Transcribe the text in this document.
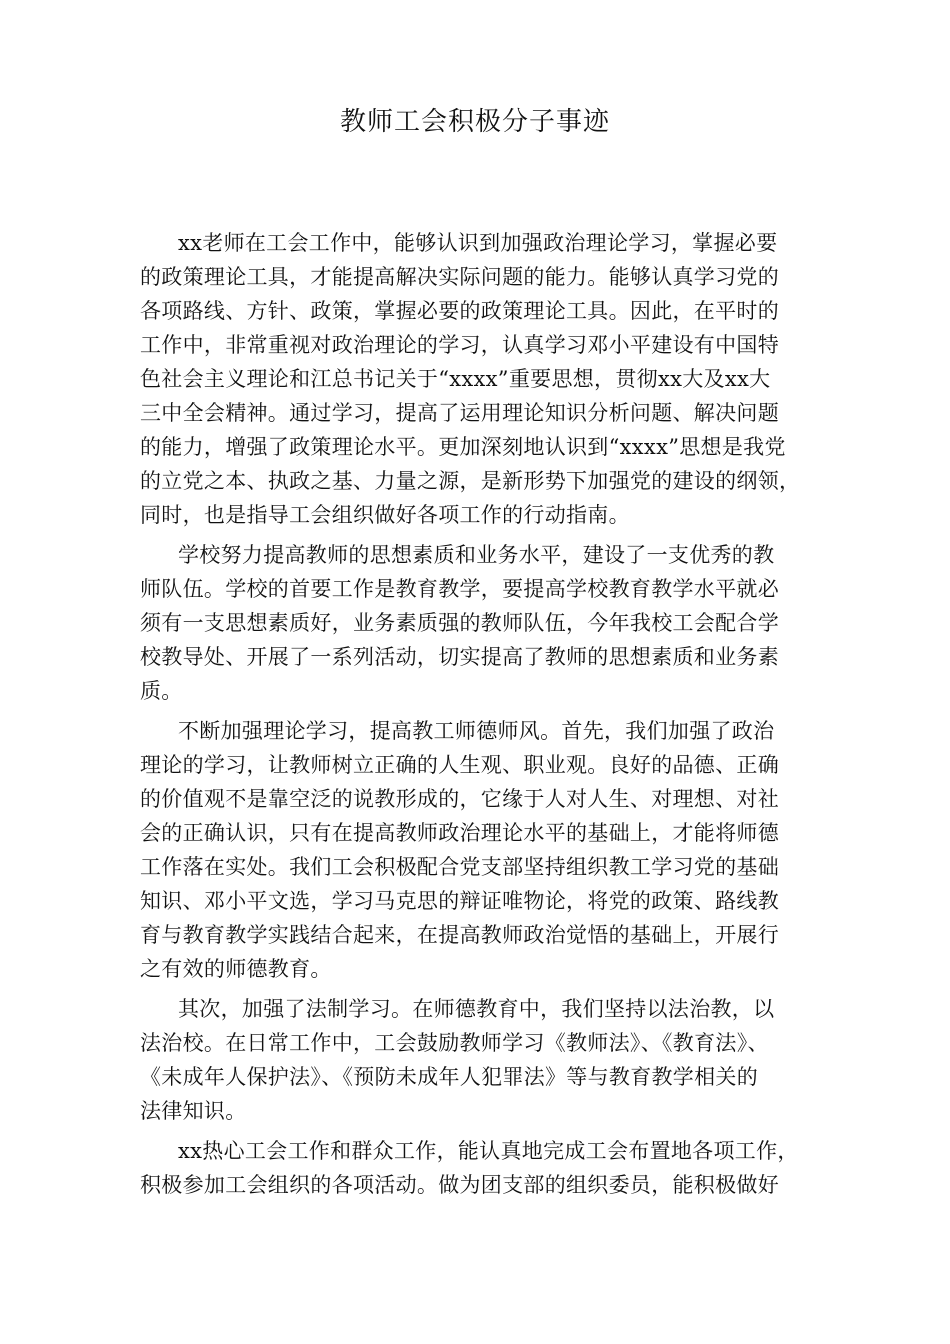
教师工会积极分子事迹
xx老师在工会工作中，能够认识到加强政治理论学习，掌握必要
的政策理论工具，才能提高解决实际问题的能力。能够认真学习党的
各项路线、方针、政策，掌握必要的政策理论工具。因此，在平时的
工作中，非常重视对政治理论的学习，认真学习邓小平建设有中国特
色社会主义理论和江总书记关于“xxxx”重要思想，贯彻xx大及xx大
三中全会精神。通过学习，提高了运用理论知识分析问题、解决问题
的能力，增强了政策理论水平。更加深刻地认识到“xxxx”思想是我党
的立党之本、执政之基、力量之源，是新形势下加强党的建设的纲领，
同时，也是指导工会组织做好各项工作的行动指南。
学校努力提高教师的思想素质和业务水平，建设了一支优秀的教
师队伍。学校的首要工作是教育教学，要提高学校教育教学水平就必
须有一支思想素质好，业务素质强的教师队伍，今年我校工会配合学
校教导处、开展了一系列活动，切实提高了教师的思想素质和业务素
质。
不断加强理论学习，提高教工师德师风。首先，我们加强了政治
理论的学习，让教师树立正确的人生观、职业观。良好的品德、正确
的价值观不是靠空泛的说教形成的，它缘于人对人生、对理想、对社
会的正确认识，只有在提高教师政治理论水平的基础上，才能将师德
工作落在实处。我们工会积极配合党支部坚持组织教工学习党的基础
知识、邓小平文选，学习马克思的辩证唯物论，将党的政策、路线教
育与教育教学实践结合起来，在提高教师政治觉悟的基础上，开展行
之有效的师德教育。
其次，加强了法制学习。在师德教育中，我们坚持以法治教，以
法治校。在日常工作中，工会鼓励教师学习《教师法》、《教育法》、
《未成年人保护法》、《预防未成年人犯罪法》等与教育教学相关的
法律知识。
xx热心工会工作和群众工作，能认真地完成工会布置地各项工作，
积极参加工会组织的各项活动。做为团支部的组织委员，能积极做好
